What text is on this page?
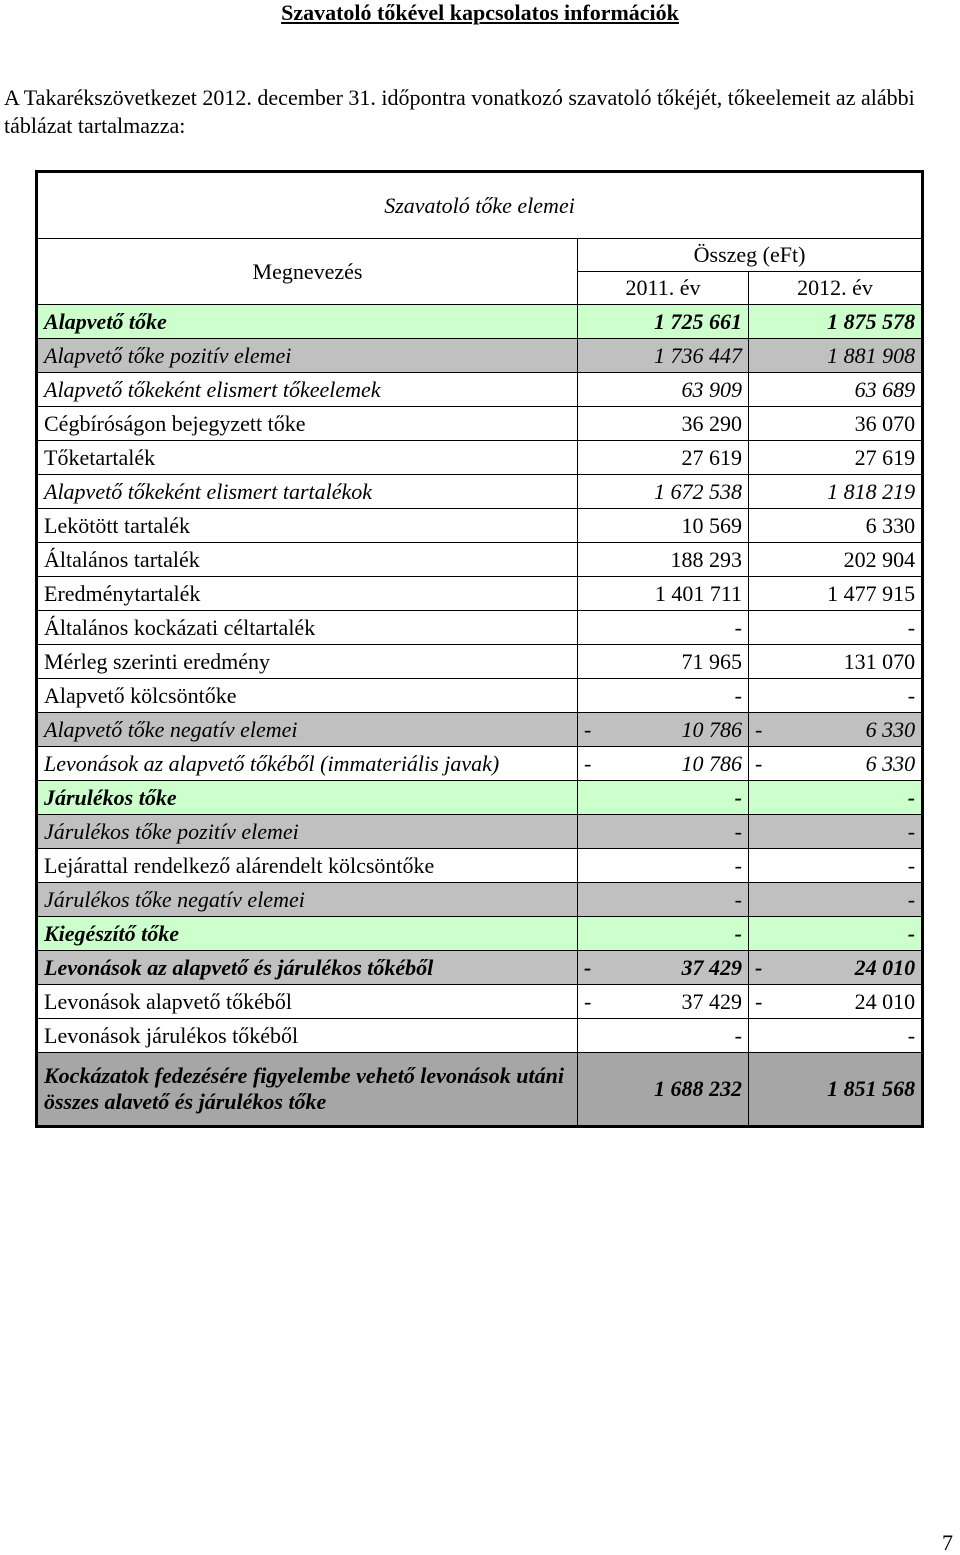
Szavatoló tőkével kapcsolatos információk
A Takarékszövetkezet 2012. december 31. időpontra vonatkozó szavatoló tőkéjét, tőkeelemeit az alábbi táblázat tartalmazza:
Szavatoló tőke elemei				
Megnevezés	Összeg (eFt)			
	2011. év		2012. év	
Alapvető tőke		1 725 661		1 875 578
Alapvető tőke pozitív elemei		1 736 447		1 881 908
Alapvető tőkeként elismert tőkeelemek		63 909		63 689
Cégbíróságon bejegyzett tőke		36 290		36 070
Tőketartalék		27 619		27 619
Alapvető tőkeként elismert tartalékok		1 672 538		1 818 219
Lekötött tartalék		10 569		6 330
Általános tartalék		188 293		202 904
Eredménytartalék		1 401 711		1 477 915
Általános kockázati céltartalék		-		-
Mérleg szerinti eredmény		71 965		131 070
Alapvető kölcsöntőke		-		-
Alapvető tőke negatív elemei	-	10 786	-	6 330
Levonások az alapvető tőkéből (immateriális javak)	-	10 786	-	6 330
Járulékos tőke		-		-
Járulékos tőke pozitív elemei		-		-
Lejárattal rendelkező alárendelt kölcsöntőke		-		-
Járulékos tőke negatív elemei		-		-
Kiegészítő tőke		-		-
Levonások az alapvető és járulékos tőkéből	-	37 429	-	24 010
Levonások alapvető tőkéből	-	37 429	-	24 010
Levonások járulékos tőkéből		-		-
Kockázatok fedezésére figyelembe vehető levonások utáni összes alavető és járulékos tőke		1 688 232		1 851 568
7
